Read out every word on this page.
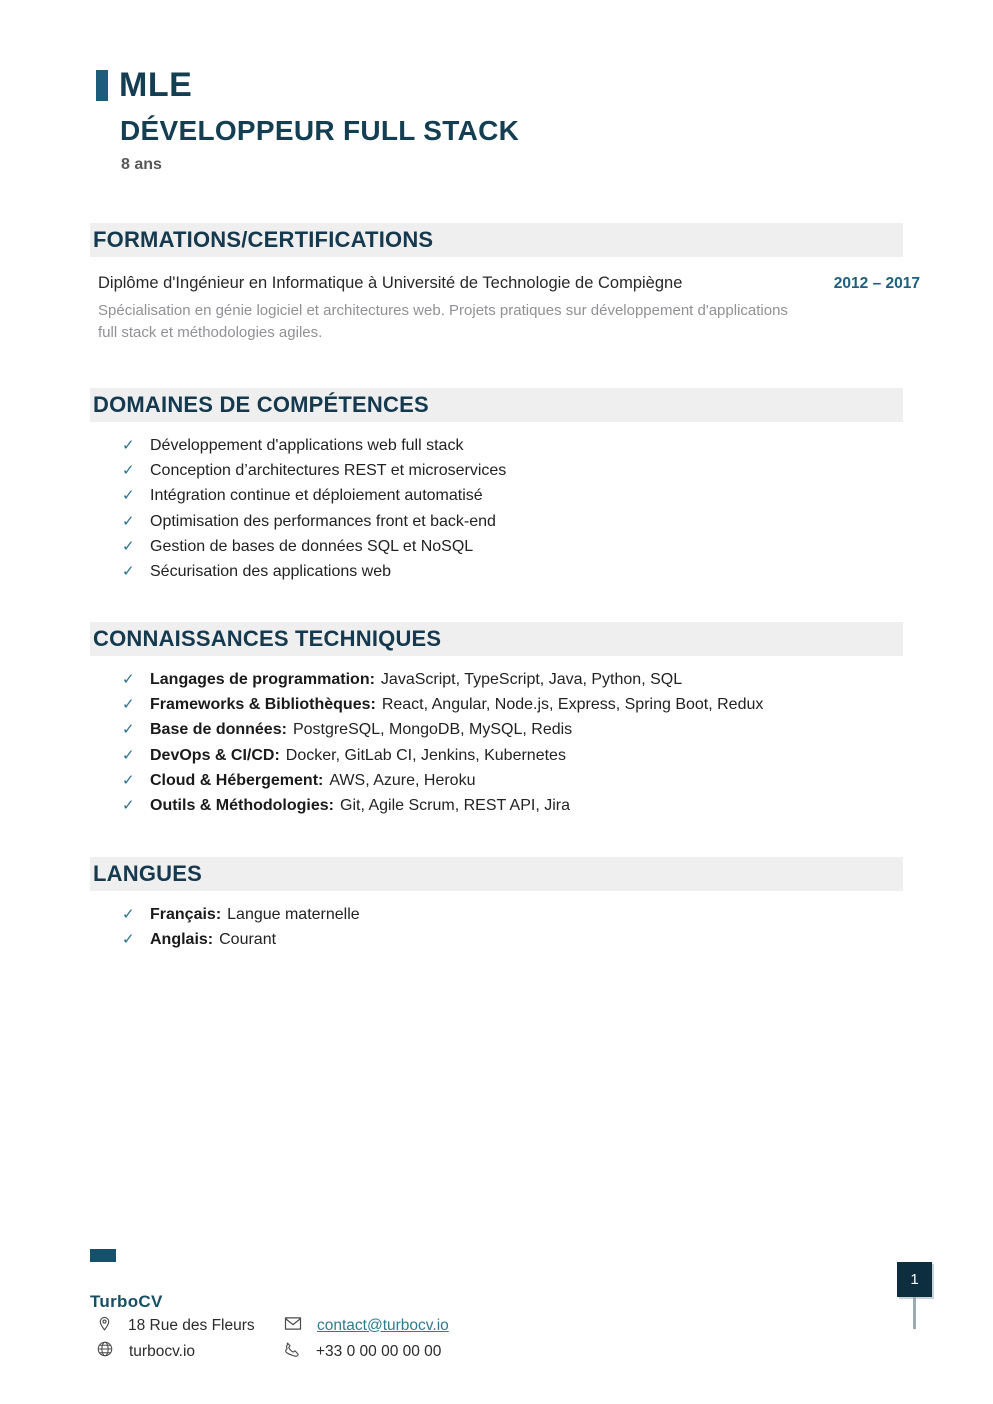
MLE
DÉVELOPPEUR FULL STACK
8 ans
FORMATIONS/CERTIFICATIONS
Diplôme d'Ingénieur en Informatique à Université de Technologie de Compiègne	2012 – 2017

Spécialisation en génie logiciel et architectures web. Projets pratiques sur développement d'applications full stack et méthodologies agiles.

DOMAINES DE COMPÉTENCES
✓ Développement d'applications web full stack
✓ Conception d’architectures REST et microservices
✓ Intégration continue et déploiement automatisé
✓ Optimisation des performances front et back-end
✓ Gestion de bases de données SQL et NoSQL
✓ Sécurisation des applications web
CONNAISSANCES TECHNIQUES
✓ Langages de programmation: JavaScript, TypeScript, Java, Python, SQL
✓ Frameworks & Bibliothèques: React, Angular, Node.js, Express, Spring Boot, Redux
✓ Base de données: PostgreSQL, MongoDB, MySQL, Redis
✓ DevOps & CI/CD: Docker, GitLab CI, Jenkins, Kubernetes
✓ Cloud & Hébergement: AWS, Azure, Heroku
✓ Outils & Méthodologies: Git, Agile Scrum, REST API, Jira
LANGUES
✓ Français: Langue maternelle
✓ Anglais: Courant
TurboCV
18 Rue des Fleurs	contact@turbocv.io
turbocv.io	+33 0 00 00 00 00
1
